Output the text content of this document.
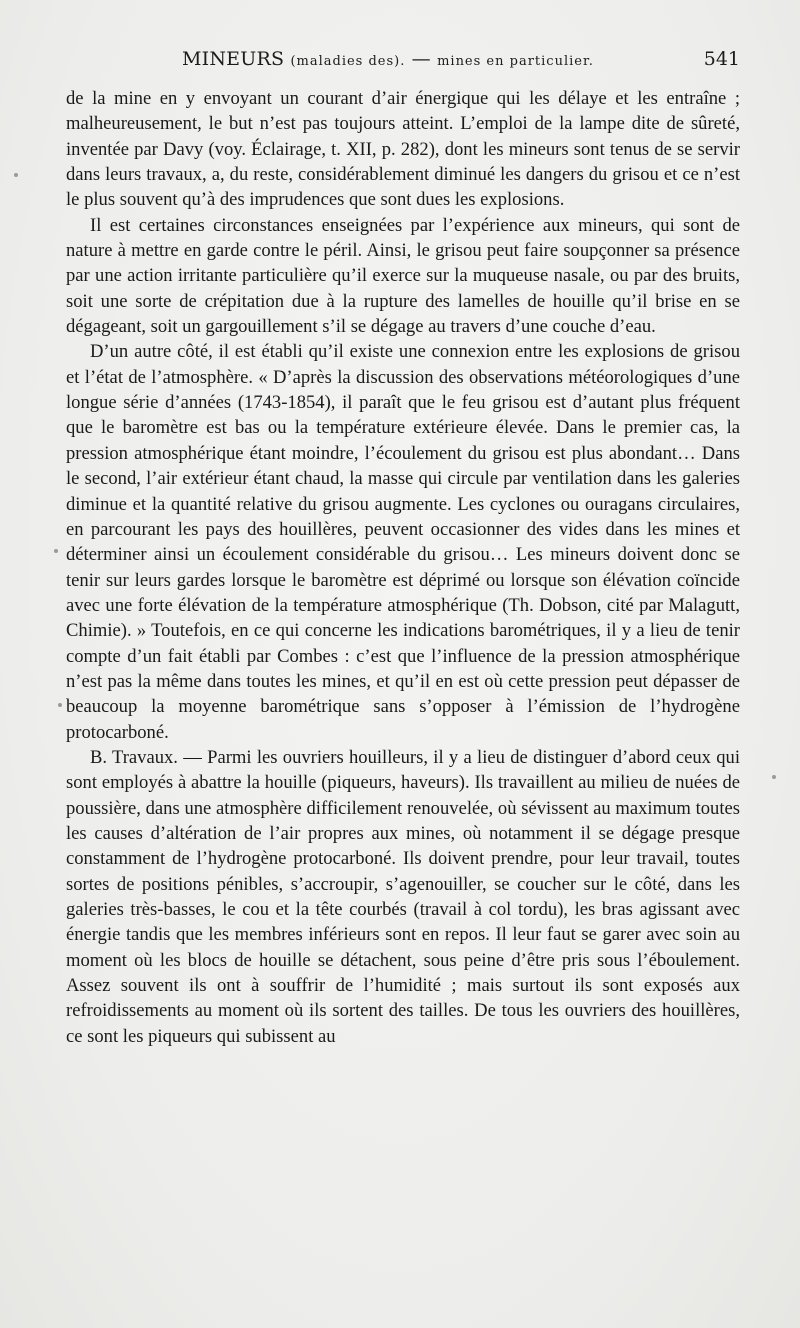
MINEURS (maladies des). — mines en particulier.	541

de la mine en y envoyant un courant d’air énergique qui les délaye et les entraîne ; malheureusement, le but n’est pas toujours atteint. L’emploi de la lampe dite de sûreté, inventée par Davy (voy. Éclairage, t. XII, p. 282), dont les mineurs sont tenus de se servir dans leurs travaux, a, du reste, considérablement diminué les dangers du grisou et ce n’est le plus souvent qu’à des imprudences que sont dues les explosions.

Il est certaines circonstances enseignées par l’expérience aux mineurs, qui sont de nature à mettre en garde contre le péril. Ainsi, le grisou peut faire soupçonner sa présence par une action irritante particulière qu’il exerce sur la muqueuse nasale, ou par des bruits, soit une sorte de crépitation due à la rupture des lamelles de houille qu’il brise en se dégageant, soit un gargouillement s’il se dégage au travers d’une couche d’eau.

D’un autre côté, il est établi qu’il existe une connexion entre les explosions de grisou et l’état de l’atmosphère. « D’après la discussion des observations météorologiques d’une longue série d’années (1743-1854), il paraît que le feu grisou est d’autant plus fréquent que le baromètre est bas ou la température extérieure élevée. Dans le premier cas, la pression atmosphérique étant moindre, l’écoulement du grisou est plus abondant… Dans le second, l’air extérieur étant chaud, la masse qui circule par ventilation dans les galeries diminue et la quantité relative du grisou augmente. Les cyclones ou ouragans circulaires, en parcourant les pays des houillères, peuvent occasionner des vides dans les mines et déterminer ainsi un écoulement considérable du grisou… Les mineurs doivent donc se tenir sur leurs gardes lorsque le baromètre est déprimé ou lorsque son élévation coïncide avec une forte élévation de la température atmosphérique (Th. Dobson, cité par Malagutt, Chimie). » Toutefois, en ce qui concerne les indications barométriques, il y a lieu de tenir compte d’un fait établi par Combes : c’est que l’influence de la pression atmosphérique n’est pas la même dans toutes les mines, et qu’il en est où cette pression peut dépasser de beaucoup la moyenne barométrique sans s’opposer à l’émission de l’hydrogène protocarboné.

B. Travaux. — Parmi les ouvriers houilleurs, il y a lieu de distinguer d’abord ceux qui sont employés à abattre la houille (piqueurs, haveurs). Ils travaillent au milieu de nuées de poussière, dans une atmosphère difficilement renouvelée, où sévissent au maximum toutes les causes d’altération de l’air propres aux mines, où notamment il se dégage presque constamment de l’hydrogène protocarboné. Ils doivent prendre, pour leur travail, toutes sortes de positions pénibles, s’accroupir, s’agenouiller, se coucher sur le côté, dans les galeries très-basses, le cou et la tête courbés (travail à col tordu), les bras agissant avec énergie tandis que les membres inférieurs sont en repos. Il leur faut se garer avec soin au moment où les blocs de houille se détachent, sous peine d’être pris sous l’éboulement. Assez souvent ils ont à souffrir de l’humidité ; mais surtout ils sont exposés aux refroidissements au moment où ils sortent des tailles. De tous les ouvriers des houillères, ce sont les piqueurs qui subissent au
